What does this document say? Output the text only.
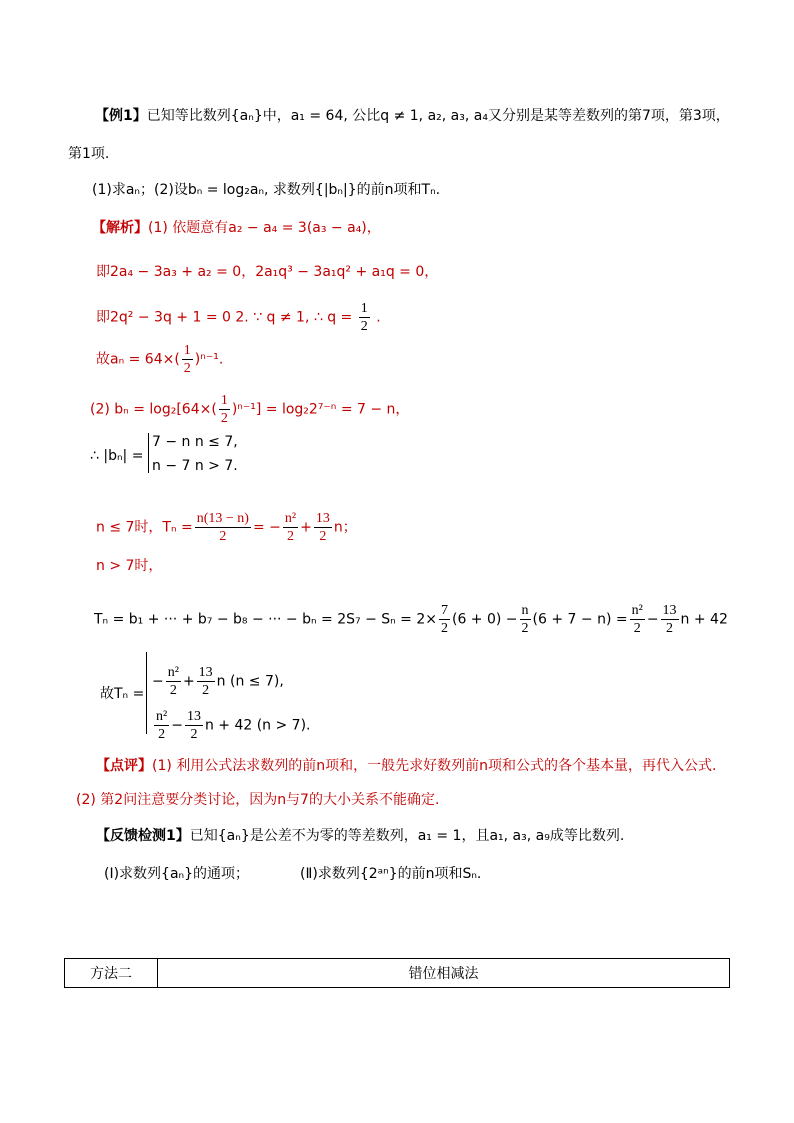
【例1】已知等比数列{aₙ}中，a₁ = 64, 公比q ≠ 1, a₂, a₃, a₄又分别是某等差数列的第7项，第3项，
第1项.
(1)求aₙ；(2)设bₙ = log₂aₙ, 求数列{|bₙ|}的前n项和Tₙ.
【解析】(1) 依题意有a₂ − a₄ = 3(a₃ − a₄)，
即2a₄ − 3a₃ + a₂ = 0，2a₁q³ − 3a₁q² + a₁q = 0，
即2q² − 3q + 1 = 0 2. ∵ q ≠ 1, ∴ $q = \frac{1}{2}$ .
故$a_n = 64\times( \frac{1}{2} )^{n-1}$.
(2) $b_n = \log_2[64\times( \frac{1}{2} )^{n-1}] = \log_22^{7-n} = 7 - n$，
∴ |bₙ| =
7 − n n ≤ 7,
n − 7 n > 7.
n ≤ 7时，$T_n = \frac{n(13 - n)}{2}$ = − $\frac{\text{n²}}{2} + \frac{13}{2}$ n；
n > 7时，
Tₙ = b₁ + ··· + b₇ − b₈ − ··· − $b_n = 2S_7 - S_n = 2\times \frac{7}{2} (6 + 0) - \frac{n}{2} (6 + 7 - n) = \frac{\text{n²}}{2} - \frac{13}{2}$ n + 42
故Tₙ =
− $\frac{\text{n²}}{2} + \frac{13}{2}$ n (n ≤ 7),
$\frac{\text{n²}}{2} - \frac{13}{2}$ n + 42 (n > 7).
【点评】(1) 利用公式法求数列的前n项和，一般先求好数列前n项和公式的各个基本量，再代入公式.
(2) 第2问注意要分类讨论，因为n与7的大小关系不能确定.
【反馈检测1】已知{aₙ}是公差不为零的等差数列，a₁ = 1，且a₁, a₃, a₉成等比数列.
(Ⅰ)求数列{aₙ}的通项；	(Ⅱ)求数列{2ᵃⁿ}的前n项和Sₙ.
方法二	错位相减法
